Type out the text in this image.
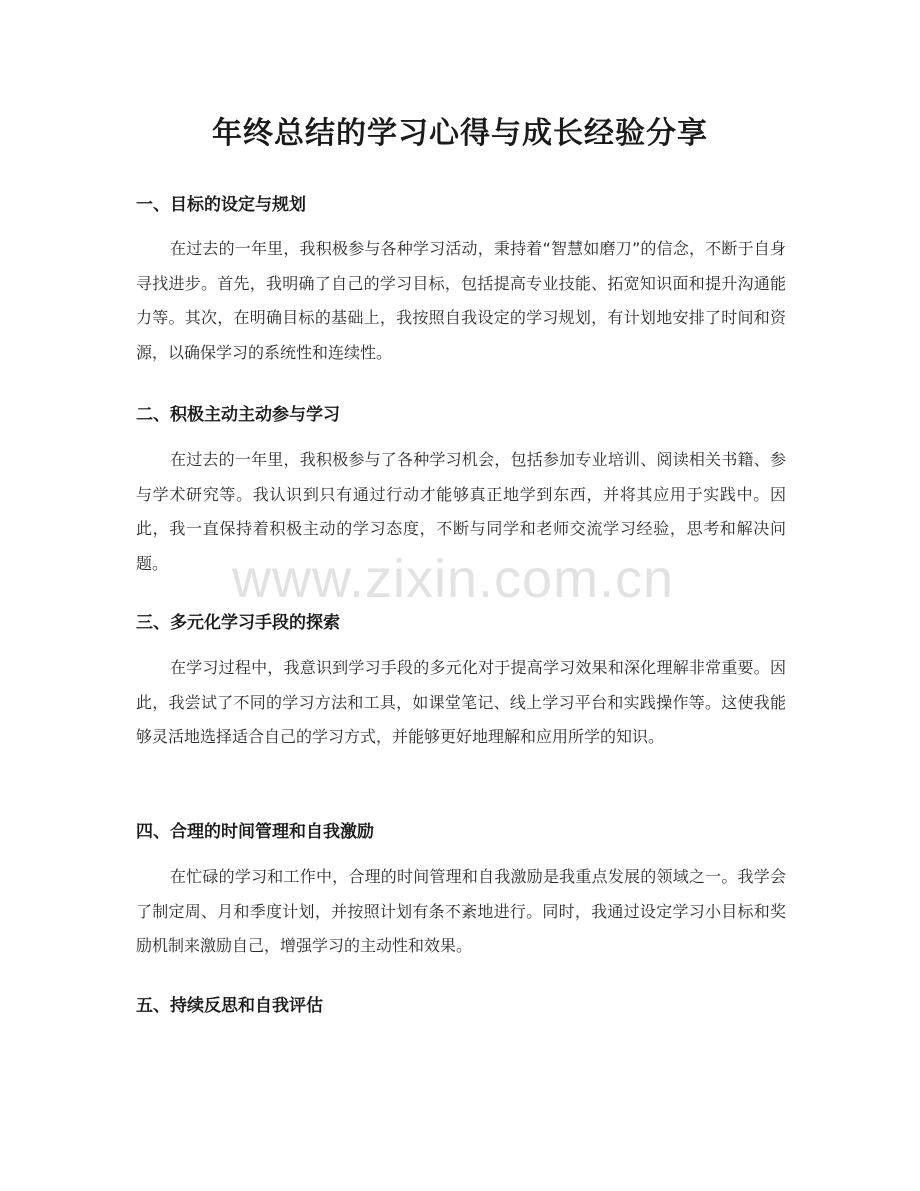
年终总结的学习心得与成长经验分享
一、目标的设定与规划
在过去的一年里，我积极参与各种学习活动，秉持着“智慧如磨刀”的信念，不断于自身寻找进步。首先，我明确了自己的学习目标，包括提高专业技能、拓宽知识面和提升沟通能力等。其次，在明确目标的基础上，我按照自我设定的学习规划，有计划地安排了时间和资源，以确保学习的系统性和连续性。
二、积极主动主动参与学习
在过去的一年里，我积极参与了各种学习机会，包括参加专业培训、阅读相关书籍、参与学术研究等。我认识到只有通过行动才能够真正地学到东西，并将其应用于实践中。因此，我一直保持着积极主动的学习态度，不断与同学和老师交流学习经验，思考和解决问题。
三、多元化学习手段的探索
在学习过程中，我意识到学习手段的多元化对于提高学习效果和深化理解非常重要。因此，我尝试了不同的学习方法和工具，如课堂笔记、线上学习平台和实践操作等。这使我能够灵活地选择适合自己的学习方式，并能够更好地理解和应用所学的知识。
四、合理的时间管理和自我激励
在忙碌的学习和工作中，合理的时间管理和自我激励是我重点发展的领域之一。我学会了制定周、月和季度计划，并按照计划有条不紊地进行。同时，我通过设定学习小目标和奖励机制来激励自己，增强学习的主动性和效果。
五、持续反思和自我评估
www.zixin.com.cn
